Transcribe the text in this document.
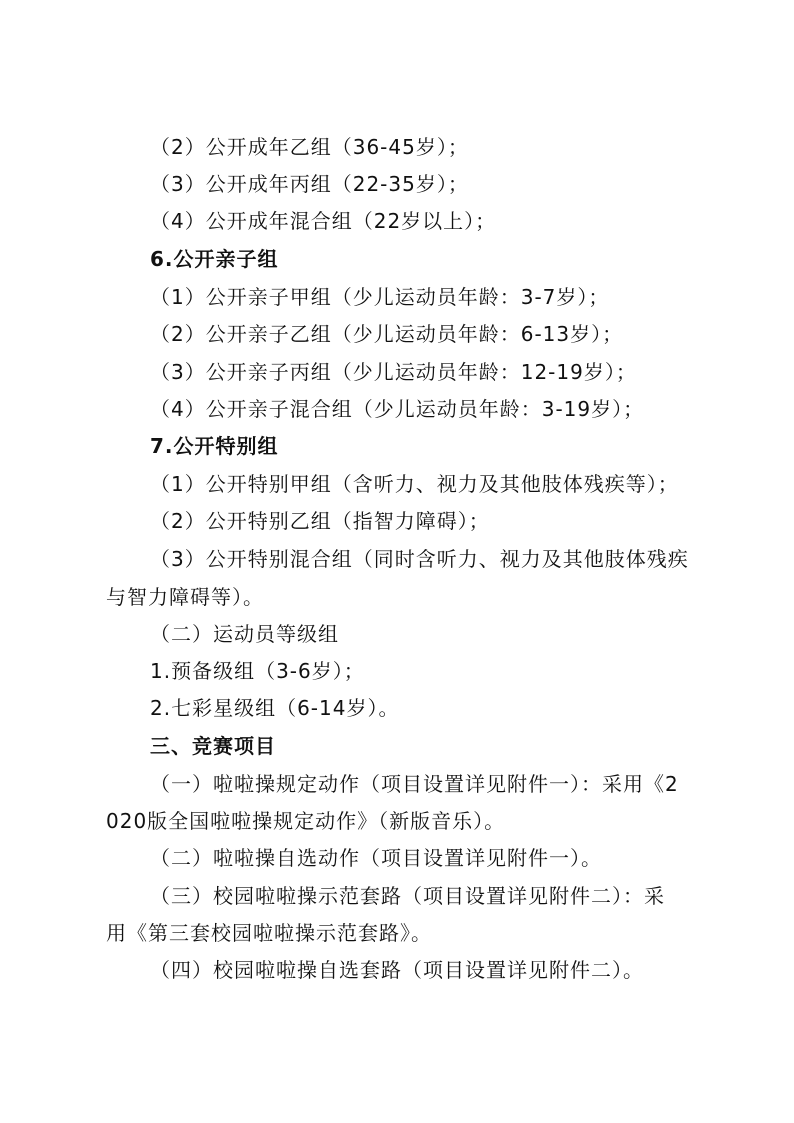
（2）公开成年乙组（36-45岁）；
（3）公开成年丙组（22-35岁）；
（4）公开成年混合组（22岁以上）；
6.公开亲子组
（1）公开亲子甲组（少儿运动员年龄：3-7岁）；
（2）公开亲子乙组（少儿运动员年龄：6-13岁）；
（3）公开亲子丙组（少儿运动员年龄：12-19岁）；
（4）公开亲子混合组（少儿运动员年龄：3-19岁）；
7.公开特别组
（1）公开特别甲组（含听力、视力及其他肢体残疾等）；
（2）公开特别乙组（指智力障碍）；
（3）公开特别混合组（同时含听力、视力及其他肢体残疾
与智力障碍等）。
（二）运动员等级组
1.预备级组（3-6岁）；
2.七彩星级组（6-14岁）。
三、竞赛项目
（一）啦啦操规定动作（项目设置详见附件一）：采用《2
020版全国啦啦操规定动作》（新版音乐）。
（二）啦啦操自选动作（项目设置详见附件一）。
（三）校园啦啦操示范套路（项目设置详见附件二）：采
用《第三套校园啦啦操示范套路》。
（四）校园啦啦操自选套路（项目设置详见附件二）。
